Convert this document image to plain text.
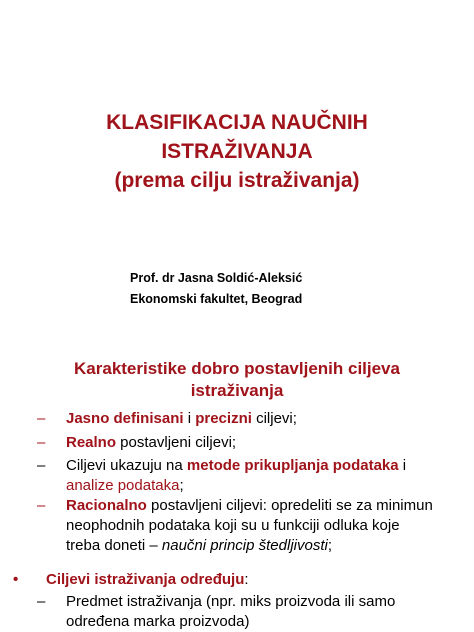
KLASIFIKACIJA NAUČNIH
ISTRAŽIVANJA
(prema cilju istraživanja)
Prof. dr Jasna Soldić-Aleksić
Ekonomski fakultet, Beograd
Karakteristike dobro postavljenih ciljeva
istraživanja
– Jasno definisani i precizni ciljevi;
– Realno postavljeni ciljevi;
– Ciljevi ukazuju na metode prikupljanja podataka i
analize podataka;
– Racionalno postavljeni ciljevi: opredeliti se za minimun
neophodnih podataka koji su u funkciji odluka koje
treba doneti – naučni princip štedljivosti;
• Ciljevi istraživanja određuju:
– Predmet istraživanja (npr. miks proizvoda ili samo
određena marka proizvoda)
